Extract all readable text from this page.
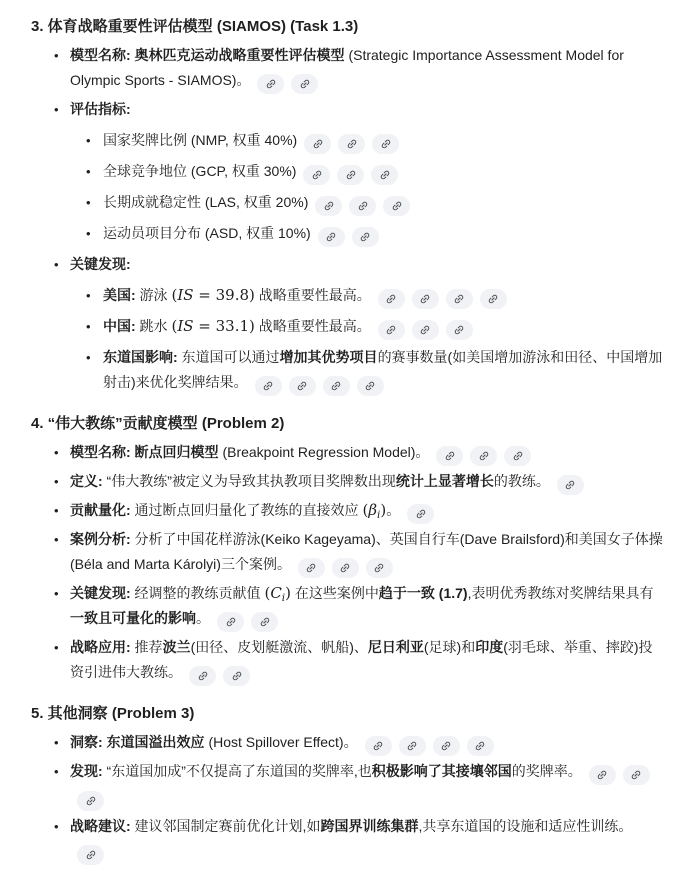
3. 体育战略重要性评估模型 (SIAMOS) (Task 1.3)
• 模型名称: 奥林匹克运动战略重要性评估模型 (Strategic Importance Assessment Model for Olympic Sports - SIAMOS)。
• 评估指标:
• 国家奖牌比例 (NMP, 权重 40%)
• 全球竞争地位 (GCP, 权重 30%)
• 长期成就稳定性 (LAS, 权重 20%)
• 运动员项目分布 (ASD, 权重 10%)
• 关键发现:
• 美国: 游泳 (IS = 39.8) 战略重要性最高。
• 中国: 跳水 (IS = 33.1) 战略重要性最高。
• 东道国影响: 东道国可以通过增加其优势项目的赛事数量(如美国增加游泳和田径、中国增加射击)来优化奖牌结果。
4. “伟大教练”贡献度模型 (Problem 2)
• 模型名称: 断点回归模型 (Breakpoint Regression Model)。
• 定义: “伟大教练”被定义为导致其执教项目奖牌数出现统计上显著增长的教练。
• 贡献量化: 通过断点回归量化了教练的直接效应 $(\beta_i)$。
• 案例分析: 分析了中国花样游泳(Keiko Kageyama)、英国自行车(Dave Brailsford)和美国女子体操(Béla and Marta Károlyi)三个案例。
• 关键发现: 经调整的教练贡献值 $(C_i)$ 在这些案例中趋于一致 (1.7),表明优秀教练对奖牌结果具有一致且可量化的影响。
• 战略应用: 推荐波兰(田径、皮划艇激流、帆船)、尼日利亚(足球)和印度(羽毛球、举重、摔跤)投资引进伟大教练。
5. 其他洞察 (Problem 3)
• 洞察: 东道国溢出效应 (Host Spillover Effect)。
• 发现: “东道国加成”不仅提高了东道国的奖牌率,也积极影响了其接壤邻国的奖牌率。
• 战略建议: 建议邻国制定赛前优化计划,如跨国界训练集群,共享东道国的设施和适应性训练。
